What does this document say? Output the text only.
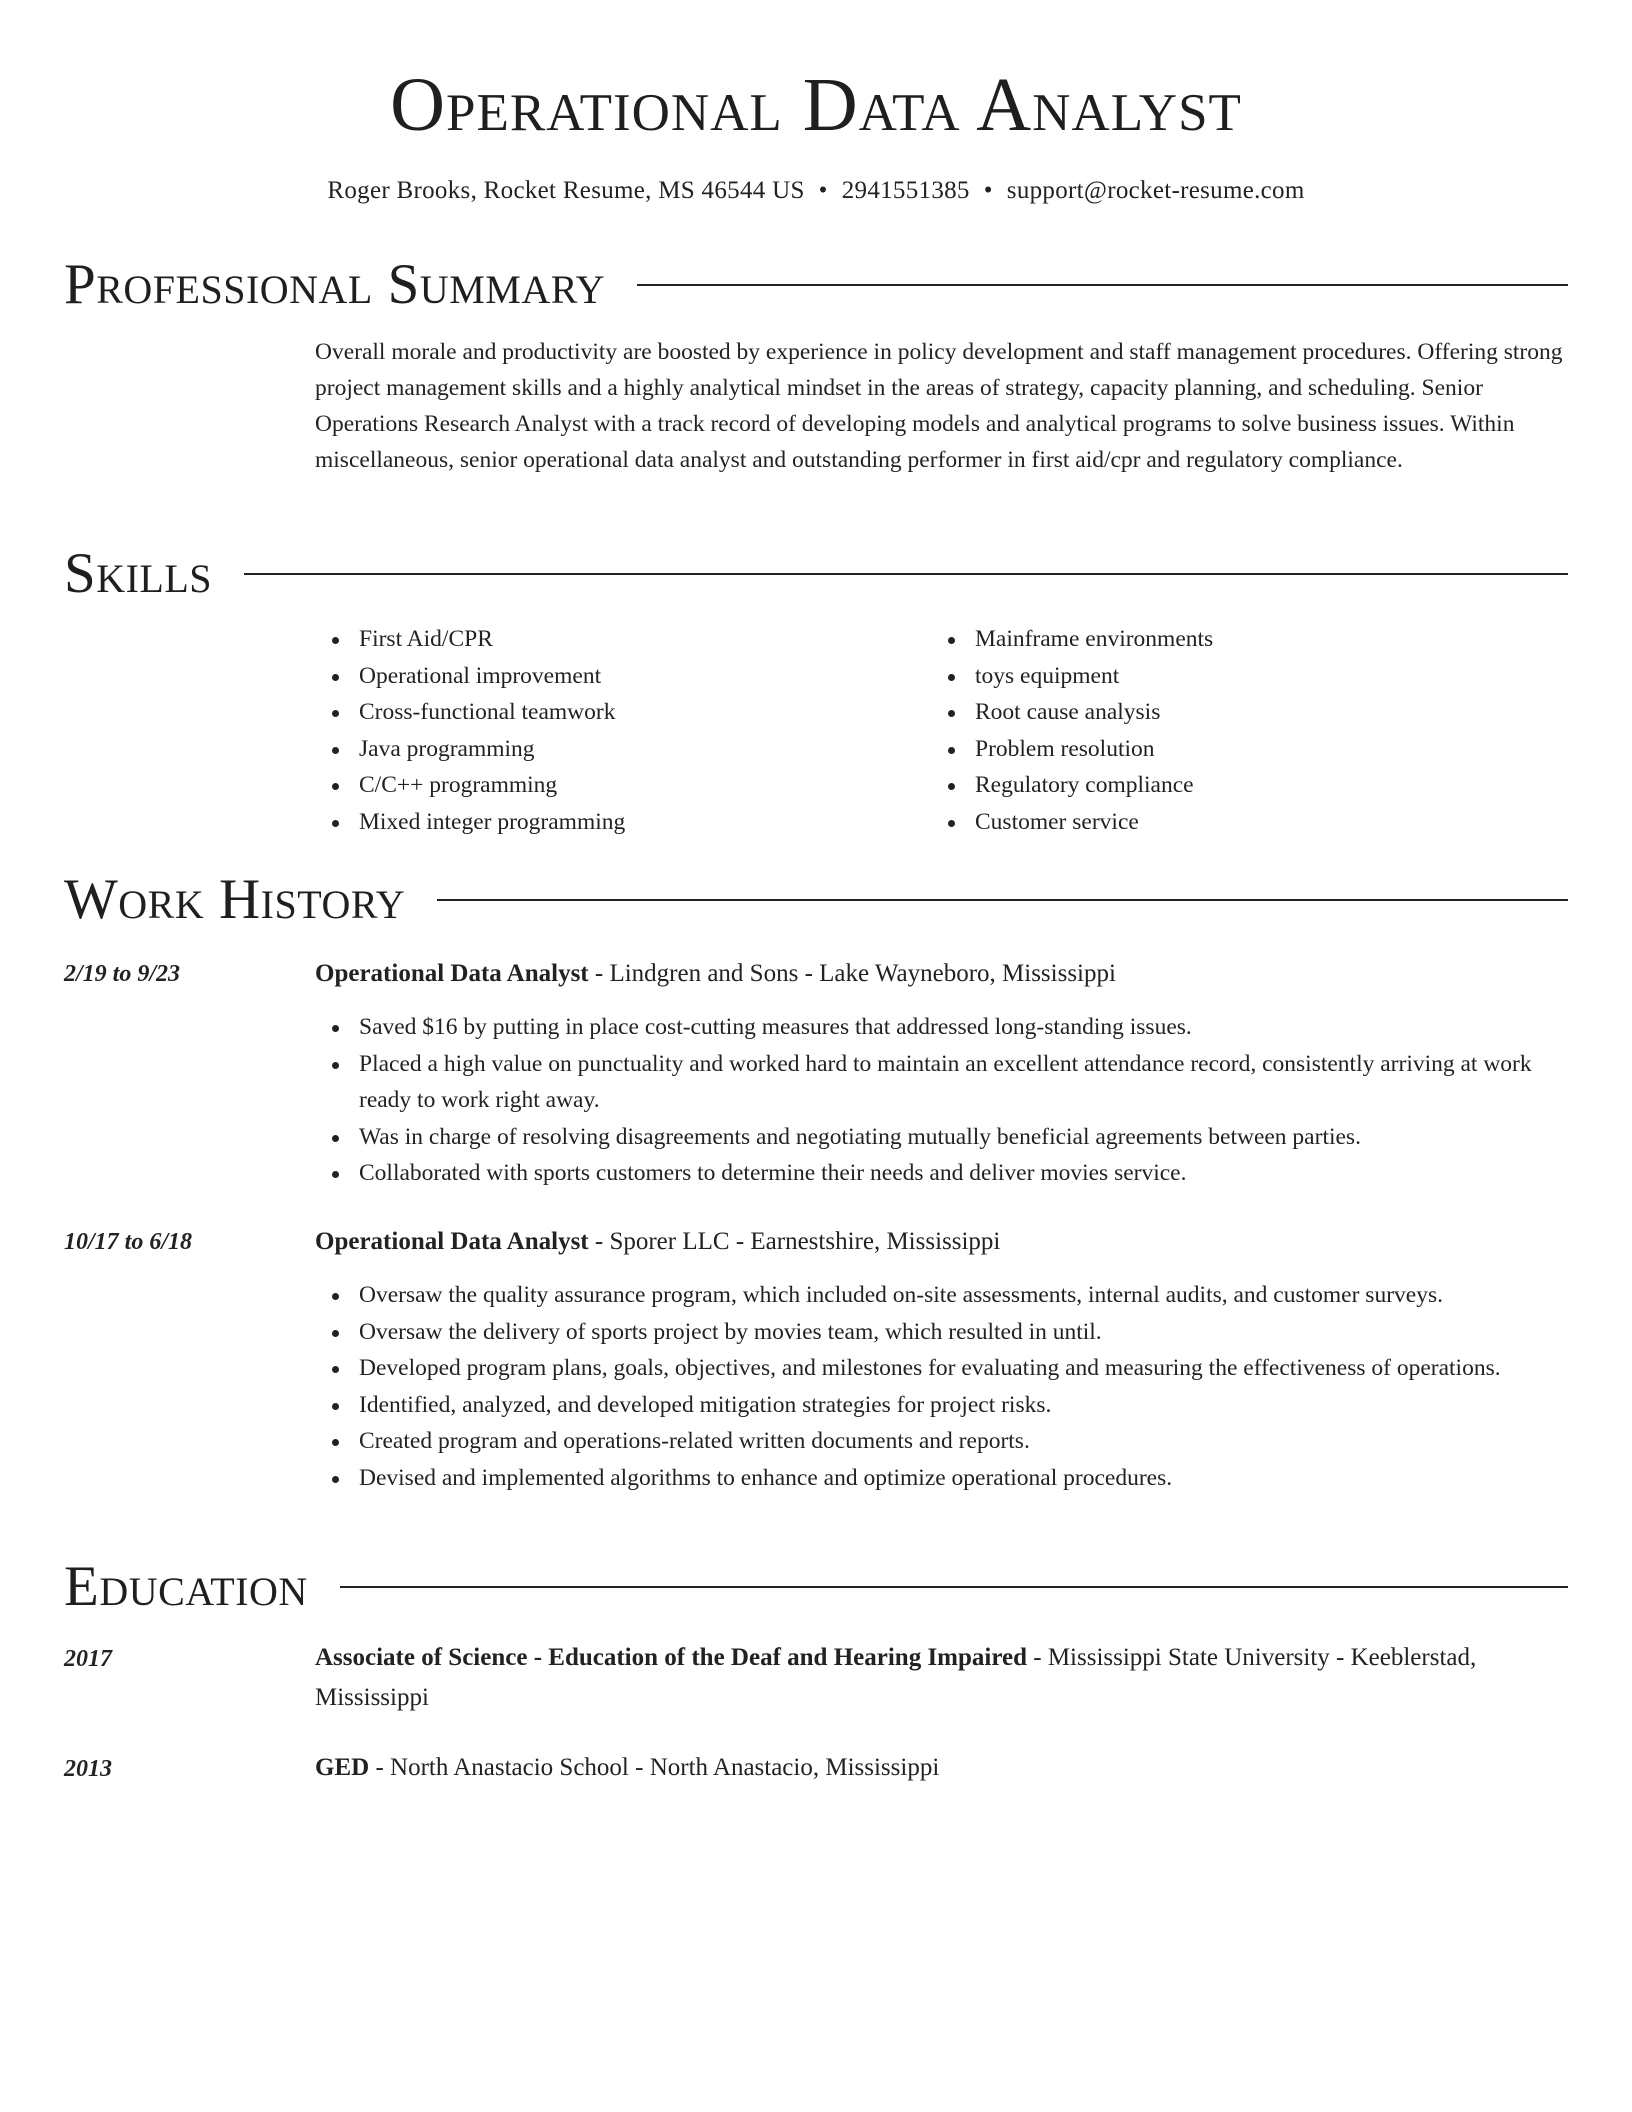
Operational Data Analyst
Roger Brooks, Rocket Resume, MS 46544 US • 2941551385 • support@rocket-resume.com
Professional Summary

Overall morale and productivity are boosted by experience in policy development and staff management procedures. Offering strong project management skills and a highly analytical mindset in the areas of strategy, capacity planning, and scheduling. Senior Operations Research Analyst with a track record of developing models and analytical programs to solve business issues. Within miscellaneous, senior operational data analyst and outstanding performer in first aid/cpr and regulatory compliance.

Skills
First Aid/CPR
Operational improvement
Cross-functional teamwork
Java programming
C/C++ programming
Mixed integer programming
Mainframe environments
toys equipment
Root cause analysis
Problem resolution
Regulatory compliance
Customer service
Work History
2/19 to 9/23	Operational Data Analyst - Lindgren and Sons - Lake Wayneboro, Mississippi
Saved $16 by putting in place cost-cutting measures that addressed long-standing issues.
Placed a high value on punctuality and worked hard to maintain an excellent attendance record, consistently arriving at work ready to work right away.
Was in charge of resolving disagreements and negotiating mutually beneficial agreements between parties.
Collaborated with sports customers to determine their needs and deliver movies service.
10/17 to 6/18	Operational Data Analyst - Sporer LLC - Earnestshire, Mississippi
Oversaw the quality assurance program, which included on-site assessments, internal audits, and customer surveys.
Oversaw the delivery of sports project by movies team, which resulted in until.
Developed program plans, goals, objectives, and milestones for evaluating and measuring the effectiveness of operations.
Identified, analyzed, and developed mitigation strategies for project risks.
Created program and operations-related written documents and reports.
Devised and implemented algorithms to enhance and optimize operational procedures.
Education
2017	Associate of Science - Education of the Deaf and Hearing Impaired - Mississippi State University - Keeblerstad, Mississippi
2013	GED - North Anastacio School - North Anastacio, Mississippi
